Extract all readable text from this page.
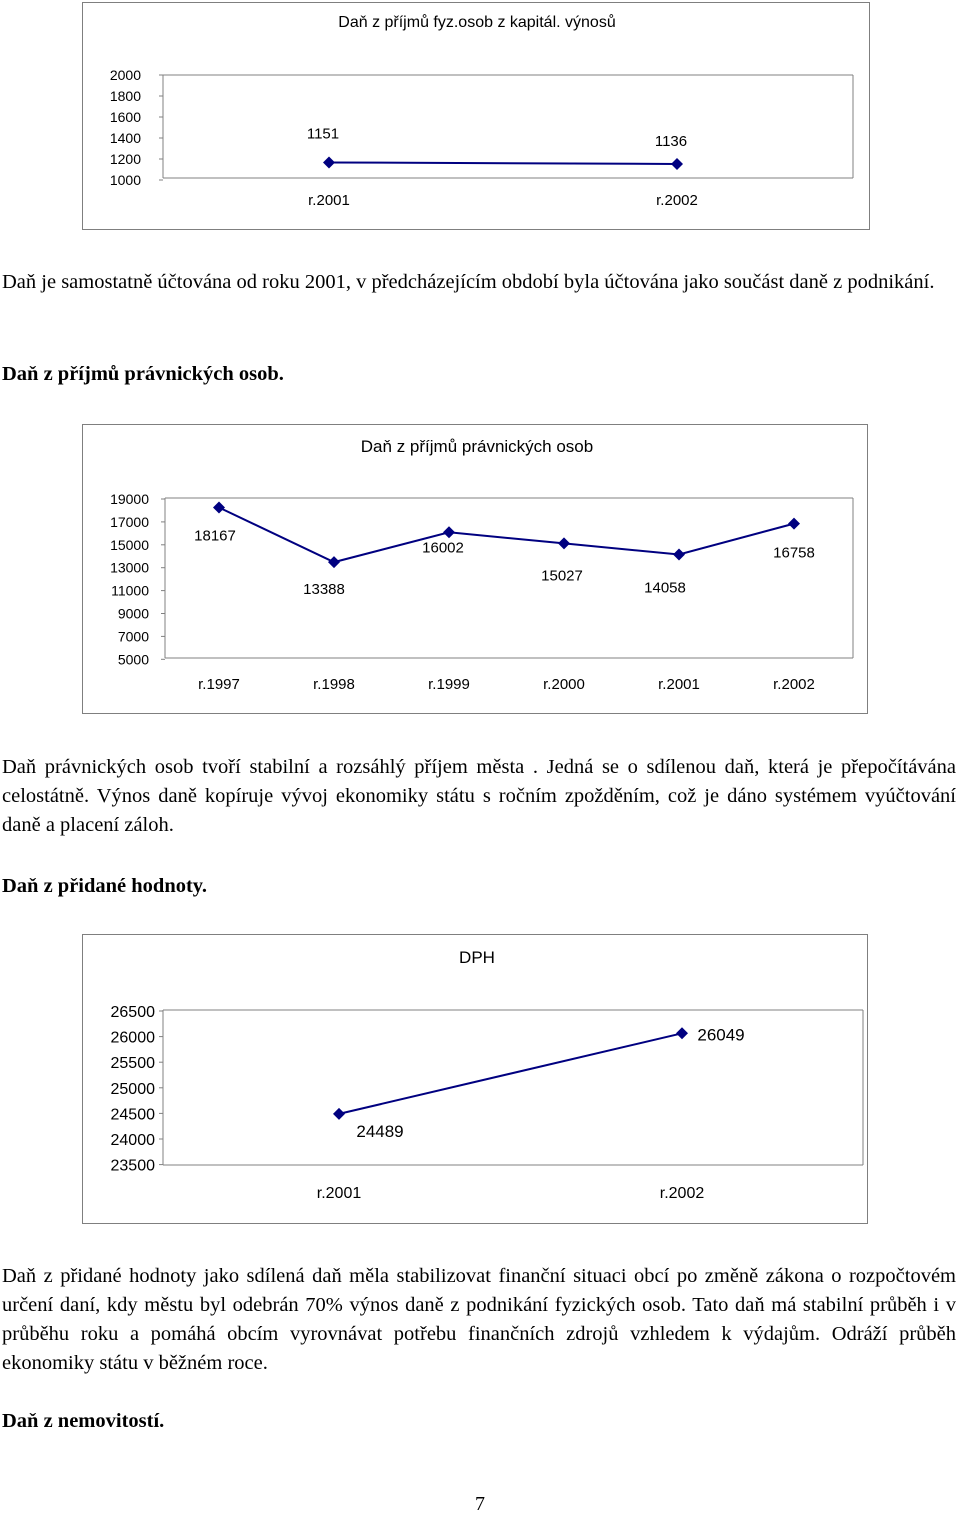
Daň z příjmů fyz.osob z kapitál. výnosů
2000
1800
1600
1400
1200
1000
1151
r.2001
1136
r.2002

Daň je samostatně účtována od roku 2001, v předcházejícím období byla účtována jako součást daně z podnikání.

Daň z příjmů právnických osob.

Daň z příjmů právnických osob
19000
17000
15000
13000
11000
9000
7000
5000
18167
r.1997
13388
r.1998
16002
r.1999
15027
r.2000
14058
r.2001
16758
r.2002

Daň právnických osob tvoří stabilní a rozsáhlý příjem města . Jedná se o sdílenou daň, která je přepočítávána celostátně. Výnos daně kopíruje vývoj ekonomiky státu s ročním zpožděním, což je dáno systémem vyúčtování daně a placení záloh.

Daň z přidané hodnoty.

DPH
26500
26000
25500
25000
24500
24000
23500
24489
r.2001
26049
r.2002

Daň z přidané hodnoty jako sdílená daň měla stabilizovat finanční situaci obcí po změně zákona o rozpočtovém určení daní, kdy městu byl odebrán 70% výnos daně z podnikání fyzických osob. Tato daň má stabilní průběh i v průběhu roku a pomáhá obcím vyrovnávat potřebu finančních zdrojů vzhledem k výdajům. Odráží průběh ekonomiky státu v běžném roce.

Daň z nemovitostí.

7
